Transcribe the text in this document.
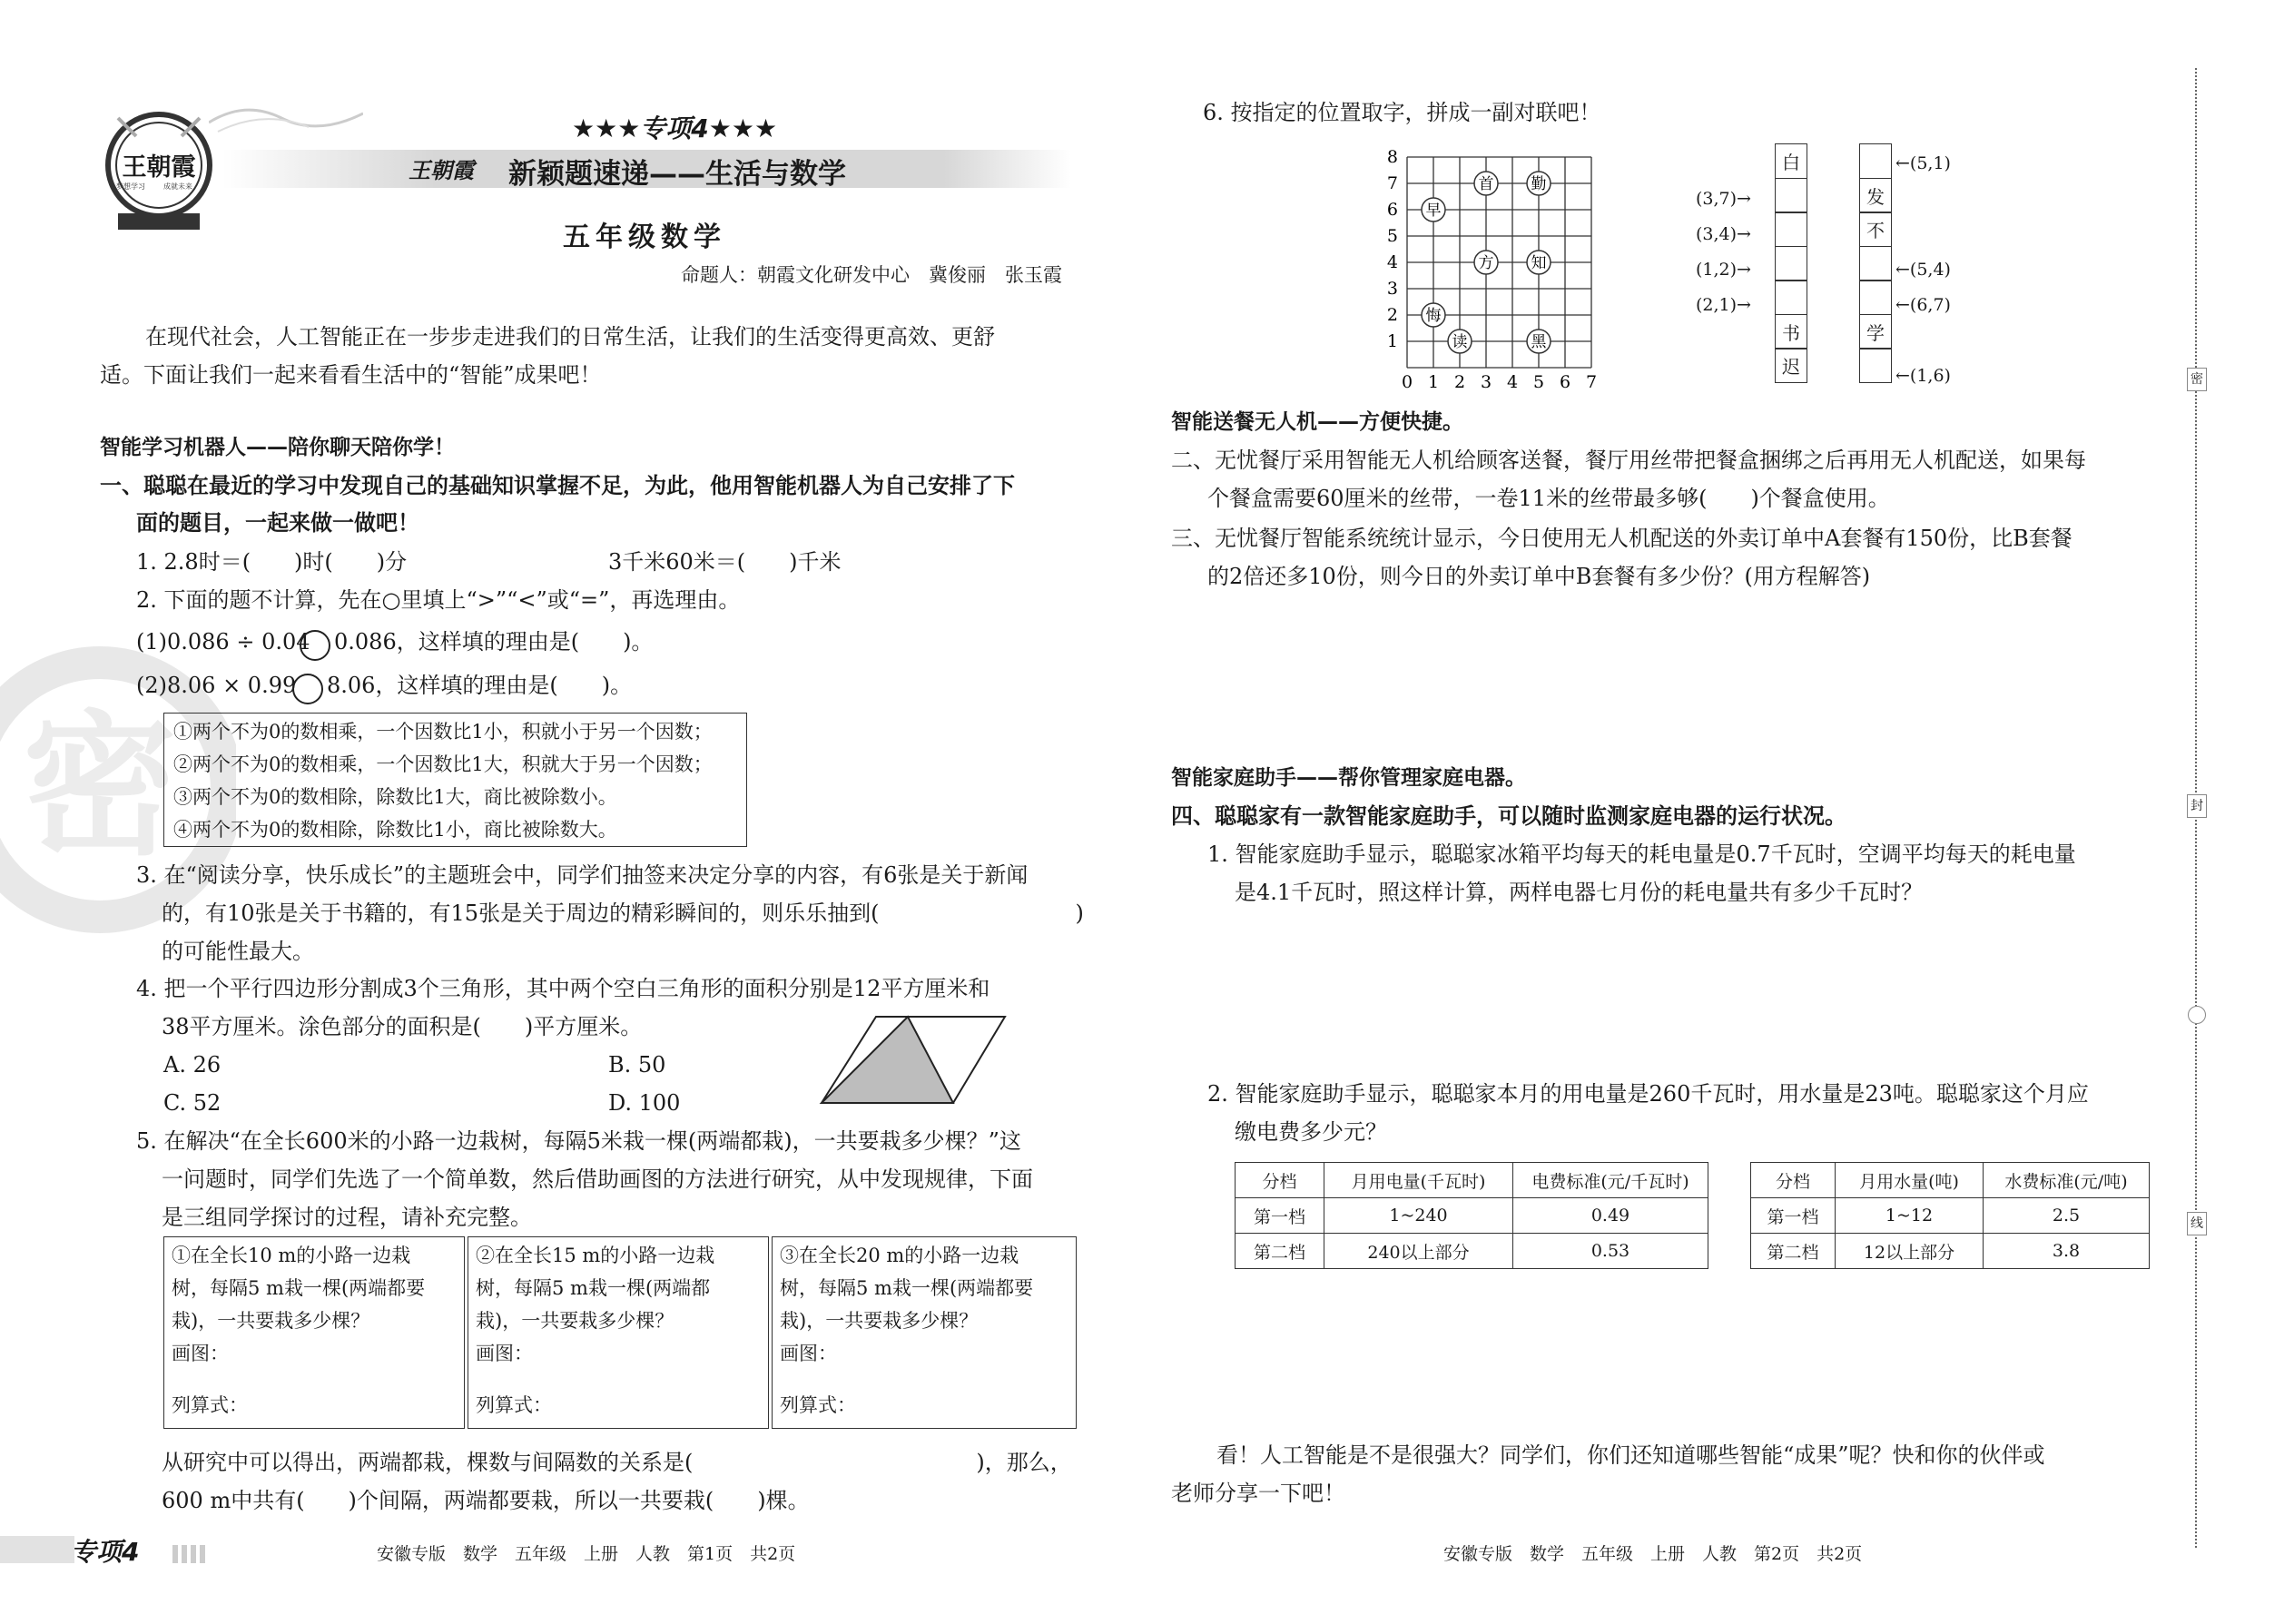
密
王朝霞
梦想学习	成就未来
★★★专项4★★★
王朝霞 新颖题速递——生活与数学
五年级数学
命题人：朝霞文化研发中心　冀俊丽　张玉霞
在现代社会，人工智能正在一步步走进我们的日常生活，让我们的生活变得更高效、更舒
适。下面让我们一起来看看生活中的“智能”成果吧！
智能学习机器人——陪你聊天陪你学！
一、聪聪在最近的学习中发现自己的基础知识掌握不足，为此，他用智能机器人为自己安排了下
面的题目，一起来做一做吧！
1. 2.8时＝(　　)时(　　)分	3千米60米＝(　　)千米
2. 下面的题不计算，先在○里填上“>”“<”或“=”，再选理由。
(1)0.086 ÷ 0.04 0.086，这样填的理由是(　　)。
(2)8.06 × 0.99 8.06，这样填的理由是(　　)。
①两个不为0的数相乘，一个因数比1小，积就小于另一个因数；
②两个不为0的数相乘，一个因数比1大，积就大于另一个因数；
③两个不为0的数相除，除数比1大，商比被除数小。
④两个不为0的数相除，除数比1小，商比被除数大。
3. 在“阅读分享，快乐成长”的主题班会中，同学们抽签来决定分享的内容，有6张是关于新闻
的，有10张是关于书籍的，有15张是关于周边的精彩瞬间的，则乐乐抽到(　　　　　　　　　)
的可能性最大。
4. 把一个平行四边形分割成3个三角形，其中两个空白三角形的面积分别是12平方厘米和
38平方厘米。涂色部分的面积是(　　)平方厘米。
A. 26	B. 50
C. 52	D. 100
5. 在解决“在全长600米的小路一边栽树，每隔5米栽一棵(两端都栽)，一共要栽多少棵？”这
一问题时，同学们先选了一个简单数，然后借助画图的方法进行研究，从中发现规律，下面
是三组同学探讨的过程，请补充完整。
①在全长10 m的小路一边栽
树，每隔5 m栽一棵(两端都要
栽)，一共要栽多少棵？
画图：
列算式：
②在全长15 m的小路一边栽
树，每隔5 m栽一棵(两端都
栽)，一共要栽多少棵？
画图：
列算式：
③在全长20 m的小路一边栽
树，每隔5 m栽一棵(两端都要
栽)，一共要栽多少棵？
画图：
列算式：
从研究中可以得出，两端都栽，棵数与间隔数的关系是(　　　　　　　　　　　　　)，那么，
600 m中共有(　　)个间隔，两端都要栽，所以一共要栽(　　)棵。
专项4	安徽专版　数学　五年级　上册　人教　第1页　共2页
6. 按指定的位置取字，拼成一副对联吧！
0 1 2 3 4 5 6 7
1
2
3
4
5
6
7
8
首 勤
早
方 知
悔
读	黑
白
书
迟
(3,7)→
(3,4)→
(1,2)→
(2,1)→
发
不
学
←(5,1)
←(5,4)
←(6,7)
←(1,6)
智能送餐无人机——方便快捷。
二、无忧餐厅采用智能无人机给顾客送餐，餐厅用丝带把餐盒捆绑之后再用无人机配送，如果每
个餐盒需要60厘米的丝带，一卷11米的丝带最多够(　　)个餐盒使用。
三、无忧餐厅智能系统统计显示，今日使用无人机配送的外卖订单中A套餐有150份，比B套餐
的2倍还多10份，则今日的外卖订单中B套餐有多少份？(用方程解答)
智能家庭助手——帮你管理家庭电器。
四、聪聪家有一款智能家庭助手，可以随时监测家庭电器的运行状况。
1. 智能家庭助手显示，聪聪家冰箱平均每天的耗电量是0.7千瓦时，空调平均每天的耗电量
是4.1千瓦时，照这样计算，两样电器七月份的耗电量共有多少千瓦时？
2. 智能家庭助手显示，聪聪家本月的用电量是260千瓦时，用水量是23吨。聪聪家这个月应
缴电费多少元？
分档	月用电量(千瓦时)	电费标准(元/千瓦时)
第一档	1~240	0.49
第二档	240以上部分	0.53
分档	月用水量(吨)	水费标准(元/吨)
第一档	1~12	2.5
第二档	12以上部分	3.8
看！人工智能是不是很强大？同学们，你们还知道哪些智能“成果”呢？快和你的伙伴或
老师分享一下吧！
安徽专版　数学　五年级　上册　人教　第2页　共2页
密
封
线
